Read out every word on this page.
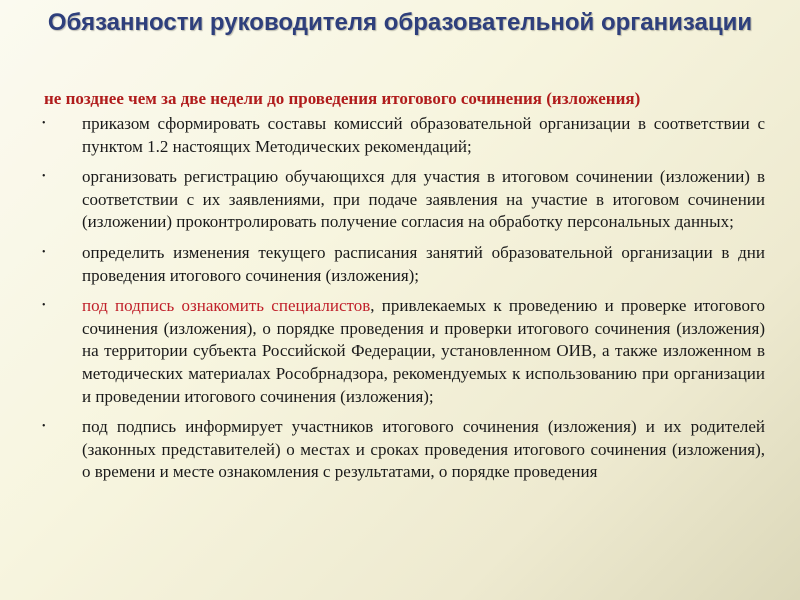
Обязанности руководителя образовательной организации

не позднее чем за две недели до проведения итогового сочинения (изложения)

• приказом сформировать составы комиссий образовательной организации в соответствии с пунктом 1.2 настоящих Методических рекомендаций;
• организовать регистрацию обучающихся для участия в итоговом сочинении (изложении) в соответствии с их заявлениями, при подаче заявления на участие в итоговом сочинении (изложении) проконтролировать получение согласия на обработку персональных данных;
• определить изменения текущего расписания занятий образовательной организации в дни проведения итогового сочинения (изложения);
• под подпись ознакомить специалистов, привлекаемых к проведению и проверке итогового сочинения (изложения), о порядке проведения и проверки итогового сочинения (изложения) на территории субъекта Российской Федерации, установленном ОИВ, а также изложенном в методических материалах Рособрнадзора, рекомендуемых к использованию при организации и проведении итогового сочинения (изложения);
• под подпись информирует участников итогового сочинения (изложения) и их родителей (законных представителей) о местах и сроках проведения итогового сочинения (изложения), о времени и месте ознакомления с результатами, о порядке проведения
